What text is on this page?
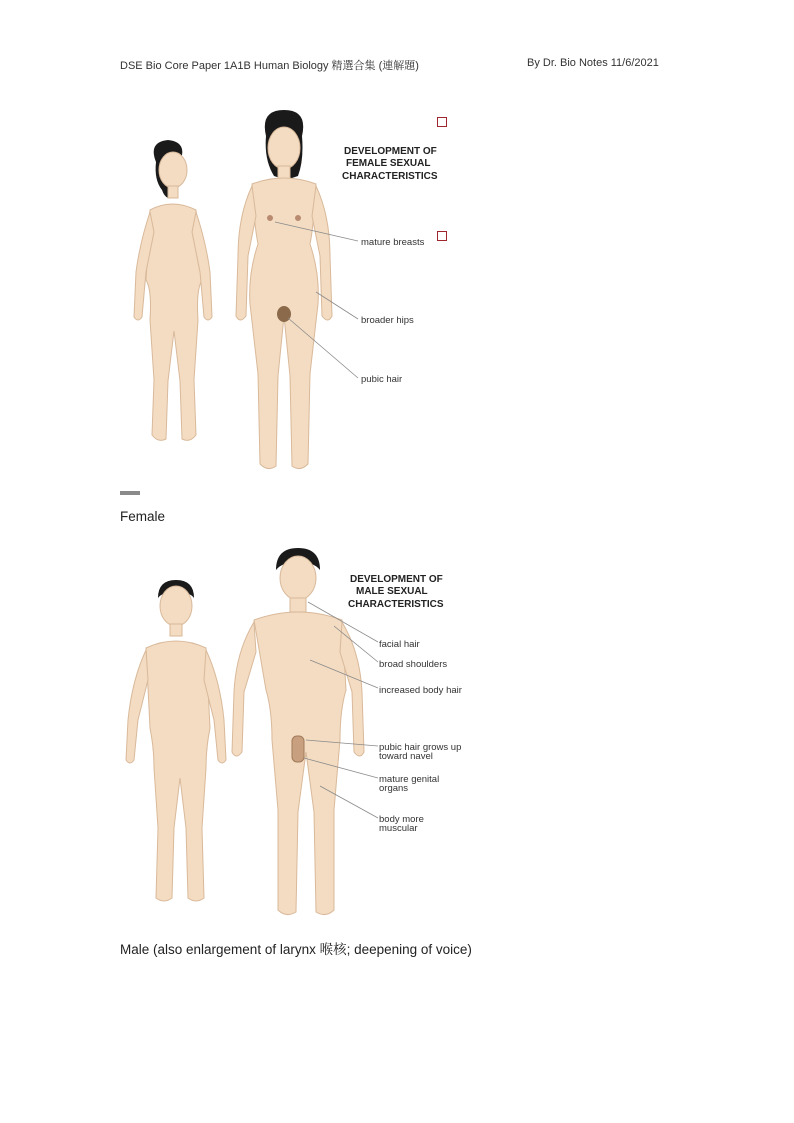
DSE Bio Core Paper 1A1B Human Biology 精選合集 (連解題)	By Dr. Bio Notes 11/6/2021
DEVELOPMENT OF
FEMALE SEXUAL
CHARACTERISTICS
mature breasts
broader hips
pubic hair
Female
DEVELOPMENT OF
MALE SEXUAL
CHARACTERISTICS
facial hair
broad shoulders
increased body hair
pubic hair grows up
toward navel
mature genital
organs
body more
muscular
Male (also enlargement of larynx 喉核; deepening of voice)
